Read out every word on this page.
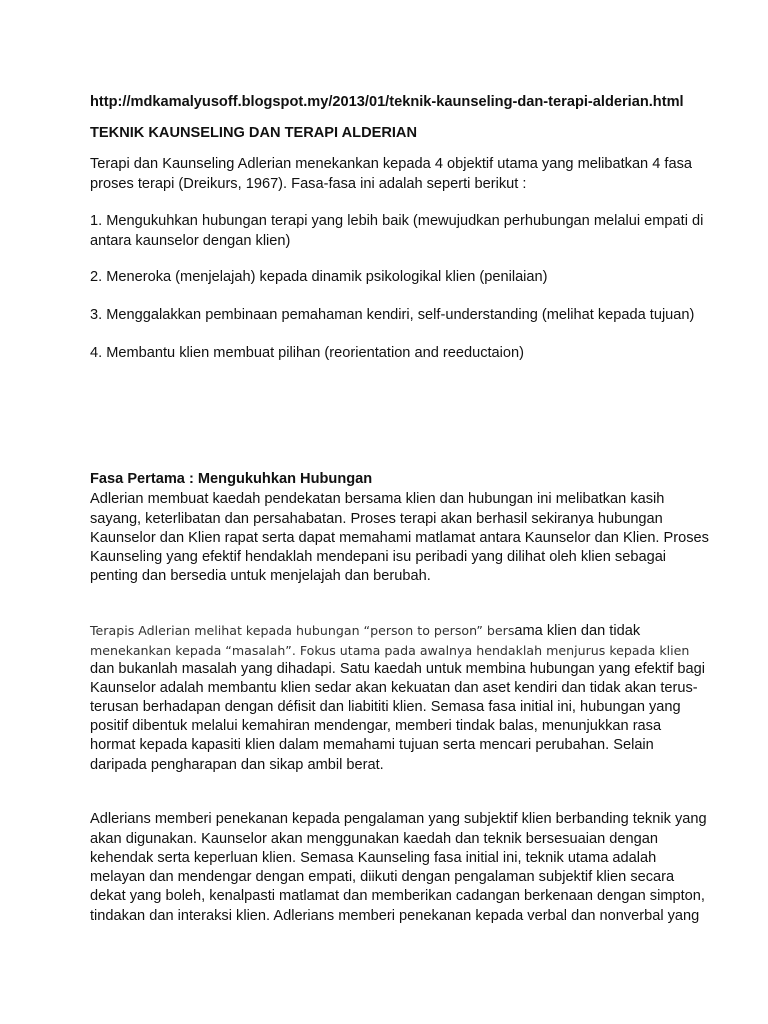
http://mdkamalyusoff.blogspot.my/2013/01/teknik-kaunseling-dan-terapi-alderian.html
TEKNIK KAUNSELING DAN TERAPI ALDERIAN
Terapi dan Kaunseling Adlerian menekankan kepada 4 objektif utama yang melibatkan 4 fasa
proses terapi (Dreikurs, 1967). Fasa-fasa ini adalah seperti berikut :
1. Mengukuhkan hubungan terapi yang lebih baik (mewujudkan perhubungan melalui empati di
antara kaunselor dengan klien)
2. Meneroka (menjelajah) kepada dinamik psikologikal klien (penilaian)
3. Menggalakkan pembinaan pemahaman kendiri, self-understanding (melihat kepada tujuan)
4. Membantu klien membuat pilihan (reorientation and reeductaion)
Fasa Pertama : Mengukuhkan Hubungan
Adlerian membuat kaedah pendekatan bersama klien dan hubungan ini melibatkan kasih
sayang, keterlibatan dan persahabatan. Proses terapi akan berhasil sekiranya hubungan
Kaunselor dan Klien rapat serta dapat memahami matlamat antara Kaunselor dan Klien. Proses
Kaunseling yang efektif hendaklah mendepani isu peribadi yang dilihat oleh klien sebagai
penting dan bersedia untuk menjelajah dan berubah.
Terapis Adlerian melihat kepada hubungan “person to person” bersama klien dan tidak
menekankan kepada “masalah”. Fokus utama pada awalnya hendaklah menjurus kepada klien
dan bukanlah masalah yang dihadapi. Satu kaedah untuk membina hubungan yang efektif bagi
Kaunselor adalah membantu klien sedar akan kekuatan dan aset kendiri dan tidak akan terus-
terusan berhadapan dengan défisit dan liabititi klien. Semasa fasa initial ini, hubungan yang
positif dibentuk melalui kemahiran mendengar, memberi tindak balas, menunjukkan rasa
hormat kepada kapasiti klien dalam memahami tujuan serta mencari perubahan. Selain
daripada pengharapan dan sikap ambil berat.
Adlerians memberi penekanan kepada pengalaman yang subjektif klien berbanding teknik yang
akan digunakan. Kaunselor akan menggunakan kaedah dan teknik bersesuaian dengan
kehendak serta keperluan klien. Semasa Kaunseling fasa initial ini, teknik utama adalah
melayan dan mendengar dengan empati, diikuti dengan pengalaman subjektif klien secara
dekat yang boleh, kenalpasti matlamat dan memberikan cadangan berkenaan dengan simpton,
tindakan dan interaksi klien. Adlerians memberi penekanan kepada verbal dan nonverbal yang
